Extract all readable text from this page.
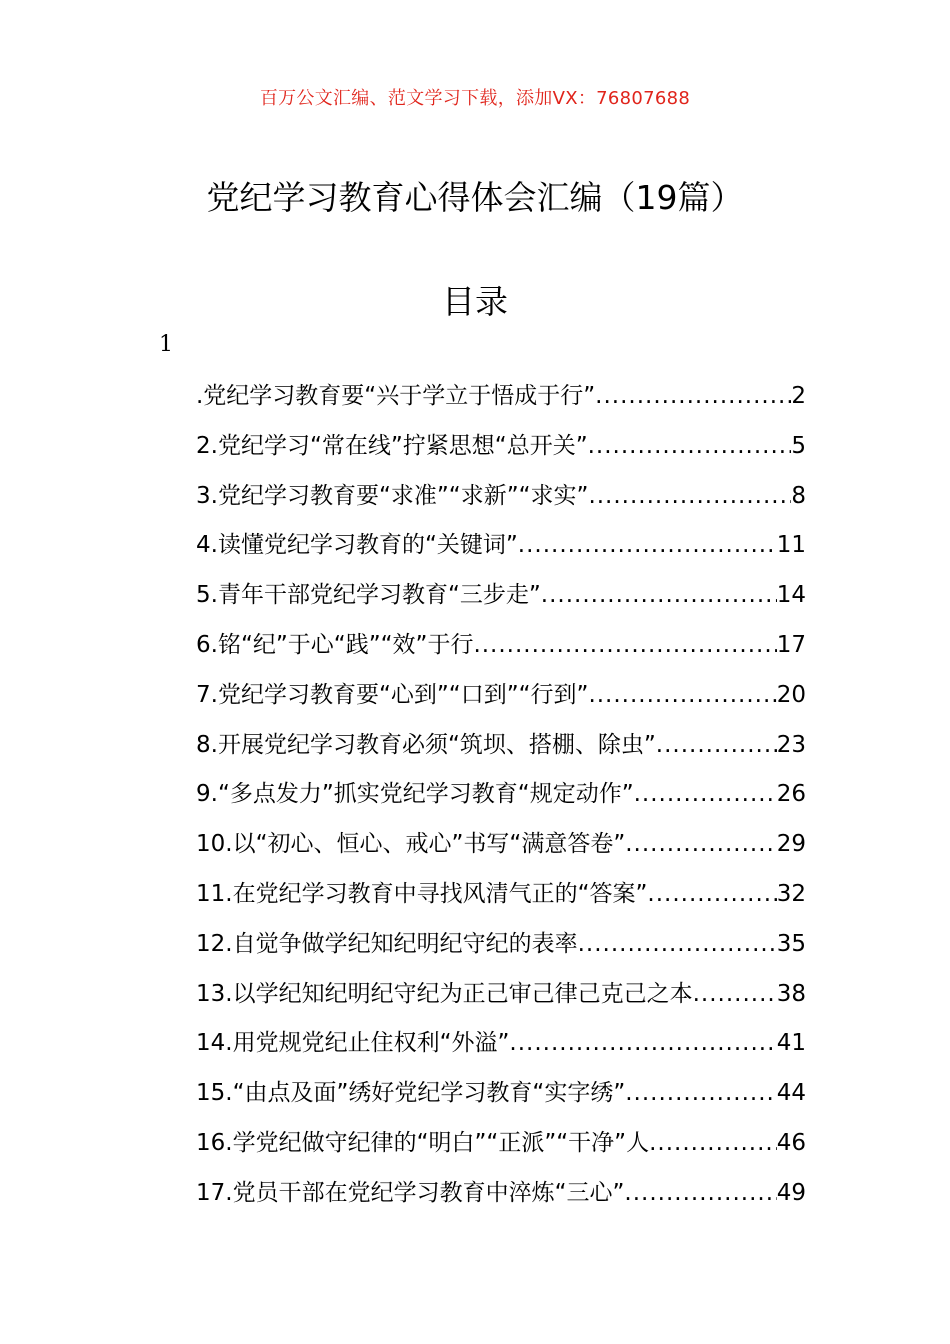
百万公文汇编、范文学习下载，添加VX：76807688
党纪学习教育心得体会汇编（19篇）
目录
1
.党纪学习教育要“兴于学立于悟成于行” .....	2
2.党纪学习“常在线”拧紧思想“总开关” .....	5
3.党纪学习教育要“求准”“求新”“求实” .....	8
4.读懂党纪学习教育的“关键词” .....	11
5.青年干部党纪学习教育“三步走” .....	14
6.铭“纪”于心“践”“效”于行 .....	17
7.党纪学习教育要“心到”“口到”“行到” .....	20
8.开展党纪学习教育必须“筑坝、搭棚、除虫” .....	23
9.“多点发力”抓实党纪学习教育“规定动作” .....	26
10.以“初心、恒心、戒心”书写“满意答卷” .....	29
11.在党纪学习教育中寻找风清气正的“答案” .....	32
12.自觉争做学纪知纪明纪守纪的表率 .....	35
13.以学纪知纪明纪守纪为正己审己律己克己之本 .....	38
14.用党规党纪止住权利“外溢” .....	41
15.“由点及面”绣好党纪学习教育“实字绣” .....	44
16.学党纪做守纪律的“明白”“正派”“干净”人 .....	46
17.党员干部在党纪学习教育中淬炼“三心” .....	49
